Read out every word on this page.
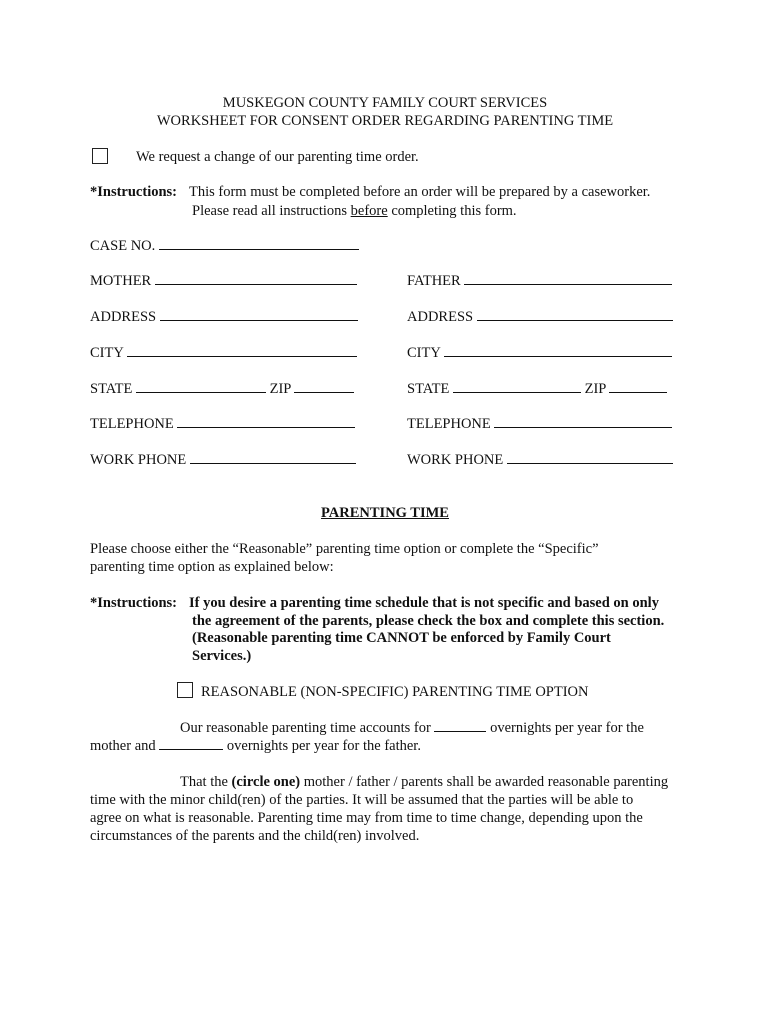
MUSKEGON COUNTY FAMILY COURT SERVICES
WORKSHEET FOR CONSENT ORDER REGARDING PARENTING TIME
We request a change of our parenting time order.
*Instructions: This form must be completed before an order will be prepared by a caseworker.
Please read all instructions before completing this form.
CASE NO.
MOTHER	FATHER
ADDRESS	ADDRESS
CITY	CITY
STATE	ZIP	STATE	ZIP
TELEPHONE	TELEPHONE
WORK PHONE	WORK PHONE
PARENTING TIME
Please choose either the “Reasonable” parenting time option or complete the “Specific”
parenting time option as explained below:
*Instructions: If you desire a parenting time schedule that is not specific and based on only
the agreement of the parents, please check the box and complete this section.
(Reasonable parenting time CANNOT be enforced by Family Court
Services.)
REASONABLE (NON-SPECIFIC) PARENTING TIME OPTION
Our reasonable parenting time accounts for	overnights per year for the
mother and	overnights per year for the father.
That the (circle one) mother / father / parents shall be awarded reasonable parenting
time with the minor child(ren) of the parties. It will be assumed that the parties will be able to
agree on what is reasonable. Parenting time may from time to time change, depending upon the
circumstances of the parents and the child(ren) involved.
